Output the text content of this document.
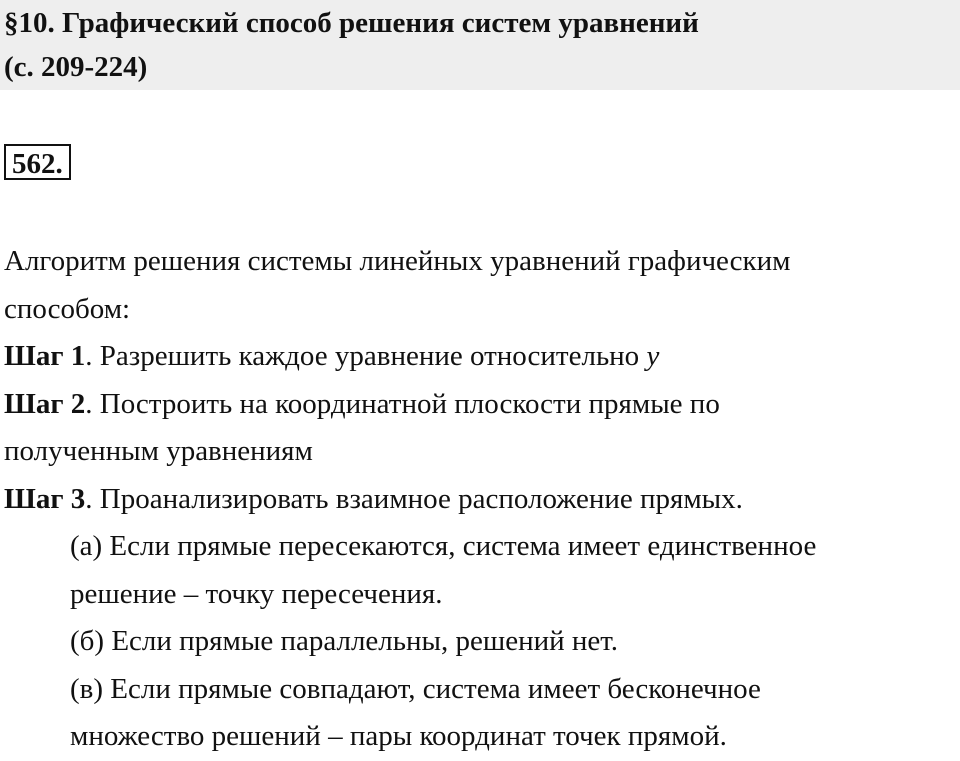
§10. Графический способ решения систем уравнений
(с. 209-224)
562.
Алгоритм решения системы линейных уравнений графическим
способом:
Шаг 1. Разрешить каждое уравнение относительно y
Шаг 2. Построить на координатной плоскости прямые по
полученным уравнениям
Шаг 3. Проанализировать взаимное расположение прямых.
(а) Если прямые пересекаются, система имеет единственное
решение – точку пересечения.
(б) Если прямые параллельны, решений нет.
(в) Если прямые совпадают, система имеет бесконечное
множество решений – пары координат точек прямой.
